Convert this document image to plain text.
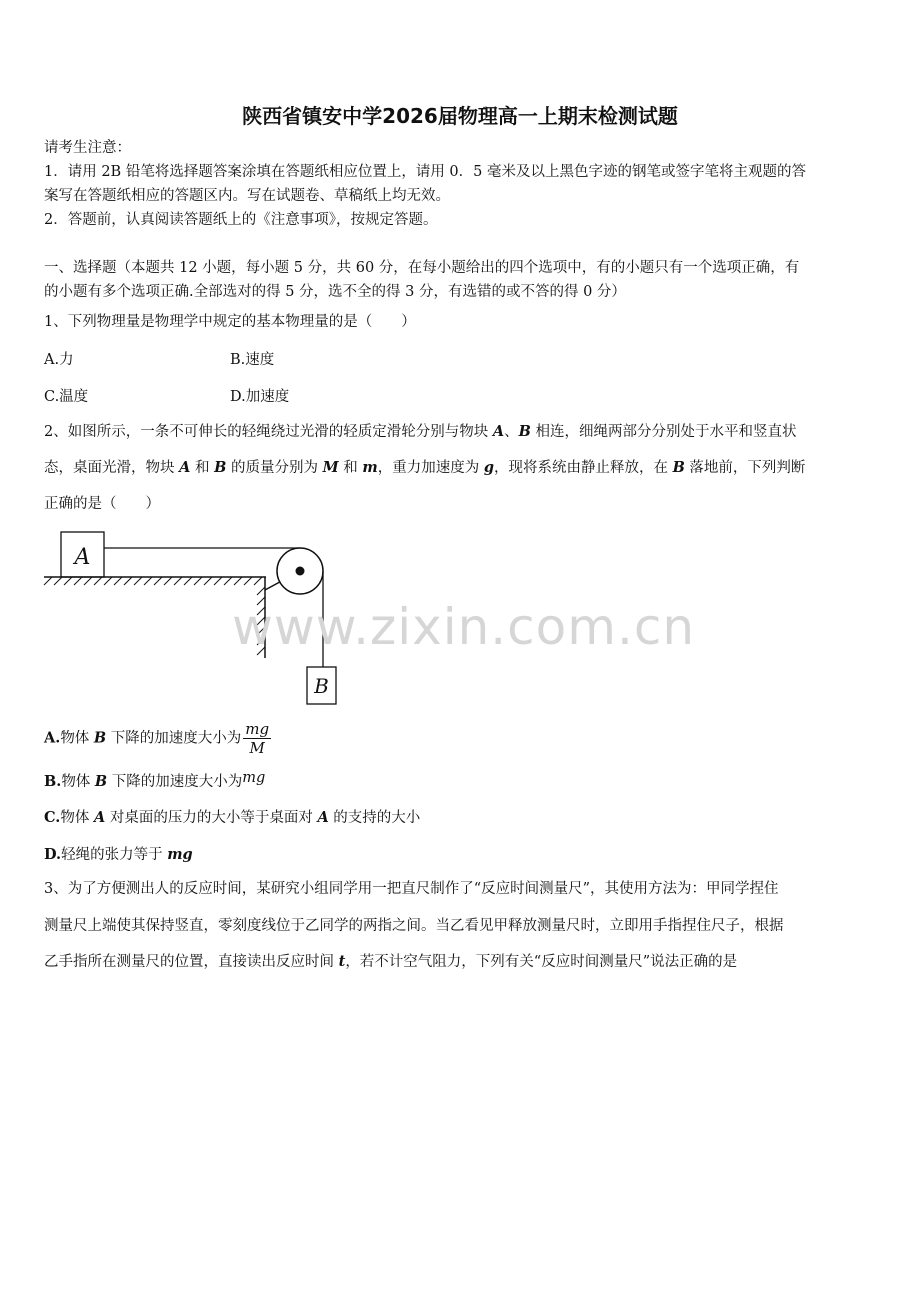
陕西省镇安中学2026届物理高一上期末检测试题
请考生注意：
1．请用 2B 铅笔将选择题答案涂填在答题纸相应位置上，请用 0．5 毫米及以上黑色字迹的钢笔或签字笔将主观题的答
案写在答题纸相应的答题区内。写在试题卷、草稿纸上均无效。
2．答题前，认真阅读答题纸上的《注意事项》，按规定答题。
一、选择题（本题共 12 小题，每小题 5 分，共 60 分，在每小题给出的四个选项中，有的小题只有一个选项正确，有
的小题有多个选项正确.全部选对的得 5 分，选不全的得 3 分，有选错的或不答的得 0 分）
1、下列物理量是物理学中规定的基本物理量的是（　　）
A.力	B.速度
C.温度	D.加速度
2、如图所示，一条不可伸长的轻绳绕过光滑的轻质定滑轮分别与物块 A、B 相连，细绳两部分分别处于水平和竖直状
态，桌面光滑，物块 A 和 B 的质量分别为 M 和 m，重力加速度为 g，现将系统由静止释放，在 B 落地前，下列判断
正确的是（　　）
A
B
A.物体 B 下降的加速度大小为 $\frac{mg}{M}$
B.物体 B 下降的加速度大小为mg
C.物体 A 对桌面的压力的大小等于桌面对 A 的支持的大小
D.轻绳的张力等于 mg
3、为了方便测出人的反应时间，某研究小组同学用一把直尺制作了“反应时间测量尺”，其使用方法为：甲同学捏住
测量尺上端使其保持竖直，零刻度线位于乙同学的两指之间。当乙看见甲释放测量尺时，立即用手指捏住尺子，根据
乙手指所在测量尺的位置，直接读出反应时间 t，若不计空气阻力，下列有关“反应时间测量尺”说法正确的是
www.zixin.com.cn
